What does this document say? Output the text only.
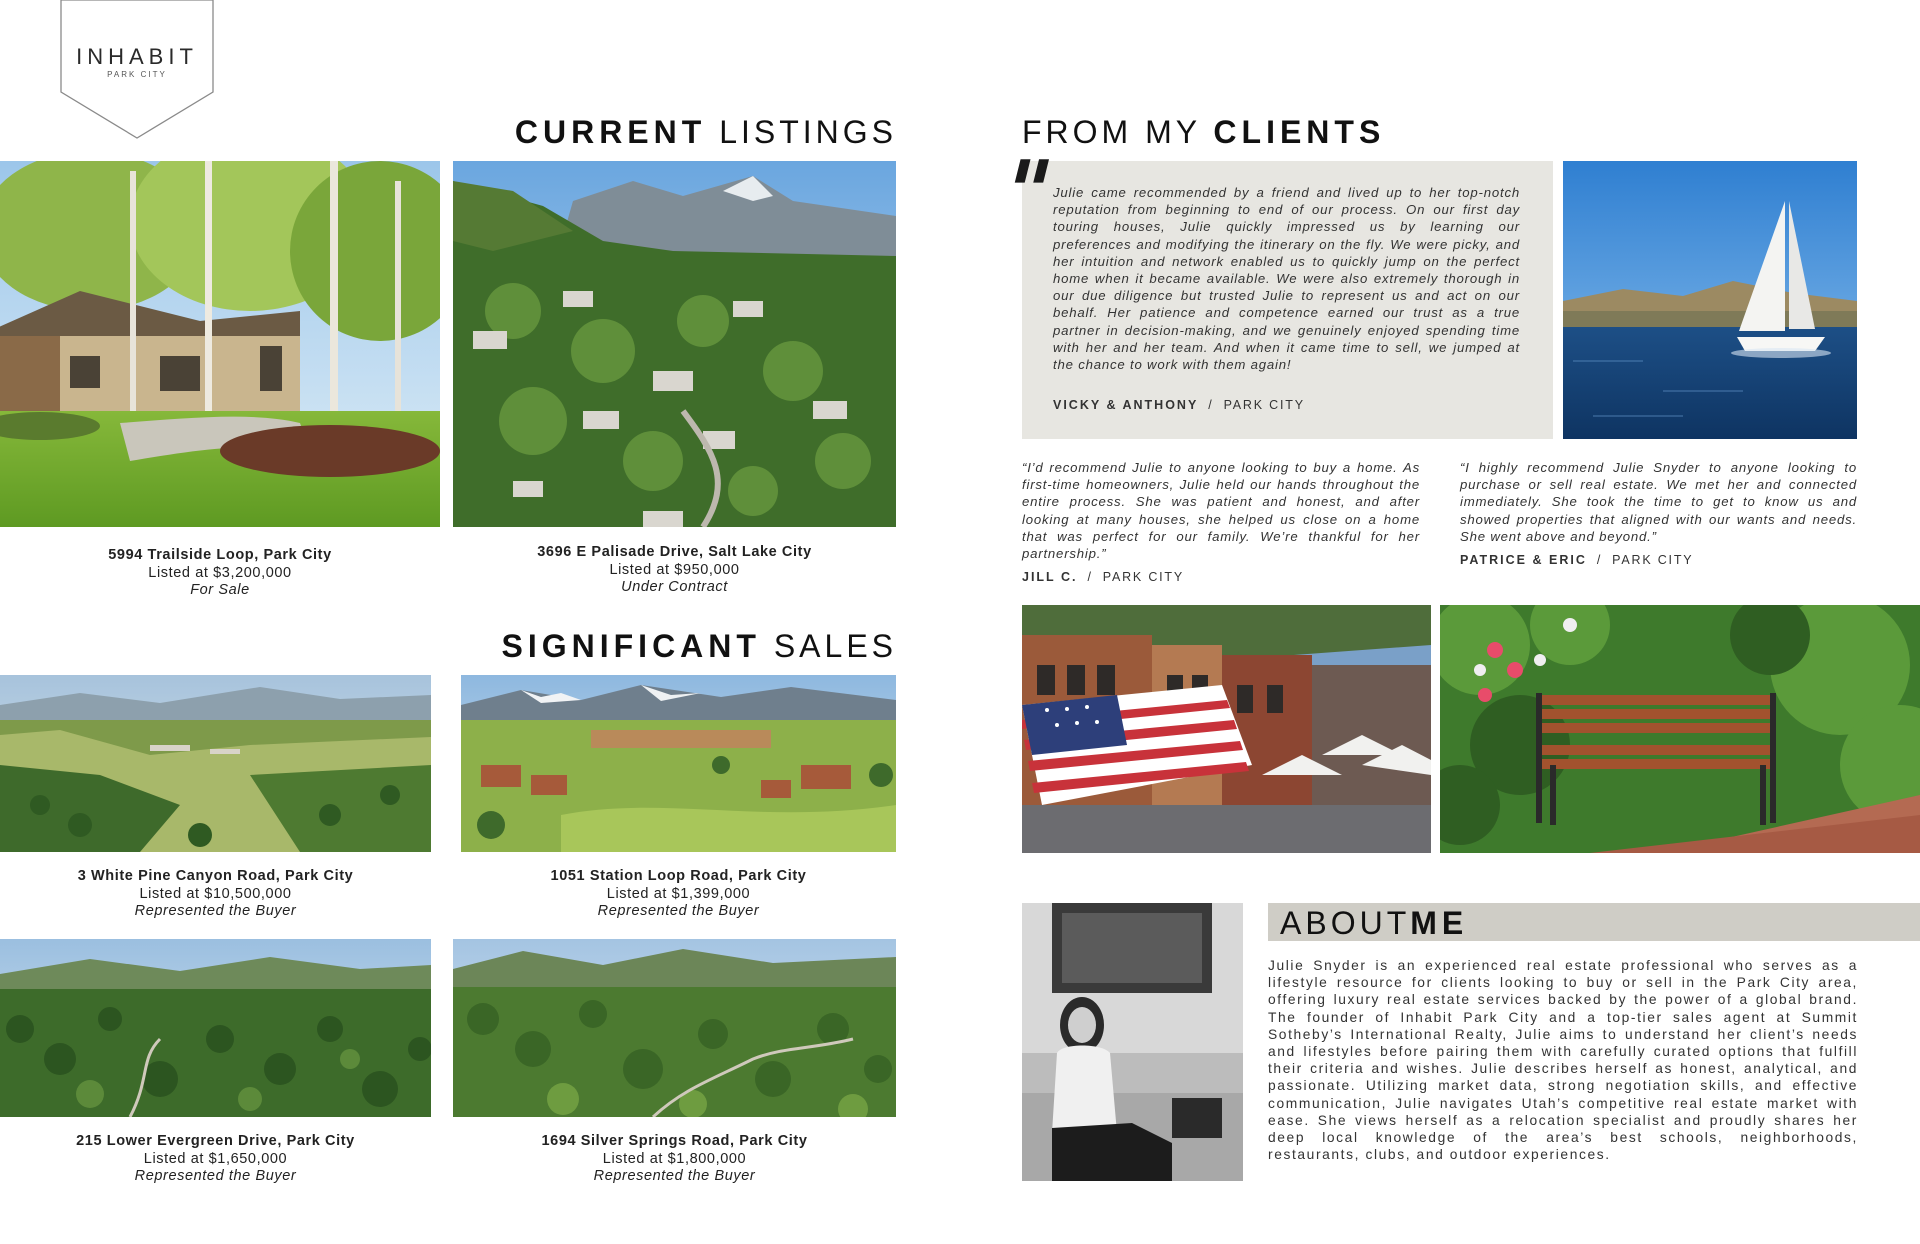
INHABIT
PARK CITY
CURRENT LISTINGS
5994 Trailside Loop, Park City
Listed at $3,200,000
For Sale
3696 E Palisade Drive, Salt Lake City
Listed at $950,000
Under Contract
SIGNIFICANT SALES
3 White Pine Canyon Road, Park City
Listed at $10,500,000
Represented the Buyer
1051 Station Loop Road, Park City
Listed at $1,399,000
Represented the Buyer
215 Lower Evergreen Drive, Park City
Listed at $1,650,000
Represented the Buyer
1694 Silver Springs Road, Park City
Listed at $1,800,000
Represented the Buyer
FROM MY CLIENTS
"
Julie came recommended by a friend and lived up to her top-notch reputation from beginning to end of our process. On our first day touring houses, Julie quickly impressed us by learning our preferences and modifying the itinerary on the fly. We were picky, and her intuition and network enabled us to quickly jump on the perfect home when it became available. We were also extremely thorough in our due diligence but trusted Julie to represent us and act on our behalf. Her patience and competence earned our trust as a true partner in decision-making, and we genuinely enjoyed spending time with her and her team. And when it came time to sell, we jumped at the chance to work with them again!
VICKY & ANTHONY / PARK CITY
“I’d recommend Julie to anyone looking to buy a home. As first-time homeowners, Julie held our hands throughout the entire process. She was patient and honest, and after looking at many houses, she helped us close on a home that was perfect for our family. We’re thankful for her partnership.”
JILL C. / PARK CITY
“I highly recommend Julie Snyder to anyone looking to purchase or sell real estate. We met her and connected immediately. She took the time to get to know us and showed properties that aligned with our wants and needs. She went above and beyond.”
PATRICE & ERIC / PARK CITY
ABOUTME
Julie Snyder is an experienced real estate professional who serves as a lifestyle resource for clients looking to buy or sell in the Park City area, offering luxury real estate services backed by the power of a global brand. The founder of Inhabit Park City and a top-tier sales agent at Summit Sotheby’s International Realty, Julie aims to understand her client’s needs and lifestyles before pairing them with carefully curated options that fulfill their criteria and wishes. Julie describes herself as honest, analytical, and passionate. Utilizing market data, strong negotiation skills, and effective communication, Julie navigates Utah’s competitive real estate market with ease. She views herself as a relocation specialist and proudly shares her deep local knowledge of the area’s best schools, neighborhoods, restaurants, clubs, and outdoor experiences.
